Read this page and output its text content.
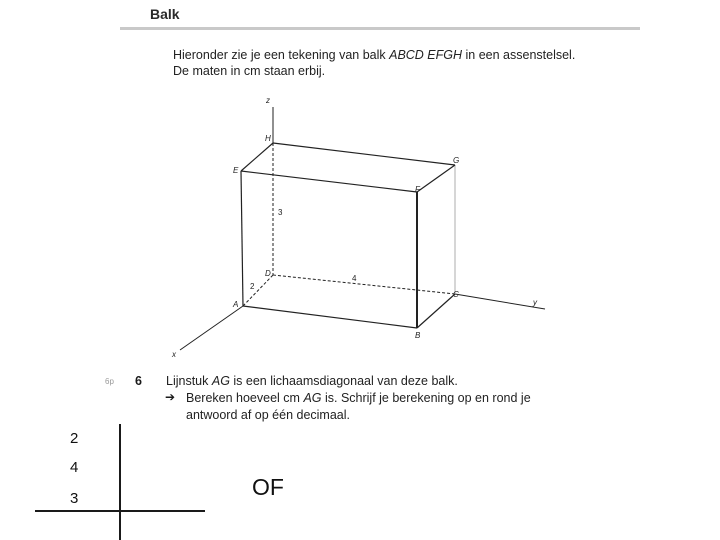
Balk
Hieronder zie je een tekening van balk ABCD EFGH in een assenstelsel.
De maten in cm staan erbij.
z
y
x
H
G
E
F
D
C
A
B
3
2
4
6p 6 Lijnstuk AG is een lichaamsdiagonaal van deze balk.
➔ Bereken hoeveel cm AG is. Schrijf je berekening op en rond je
antwoord af op één decimaal.
2
4
3	OF
